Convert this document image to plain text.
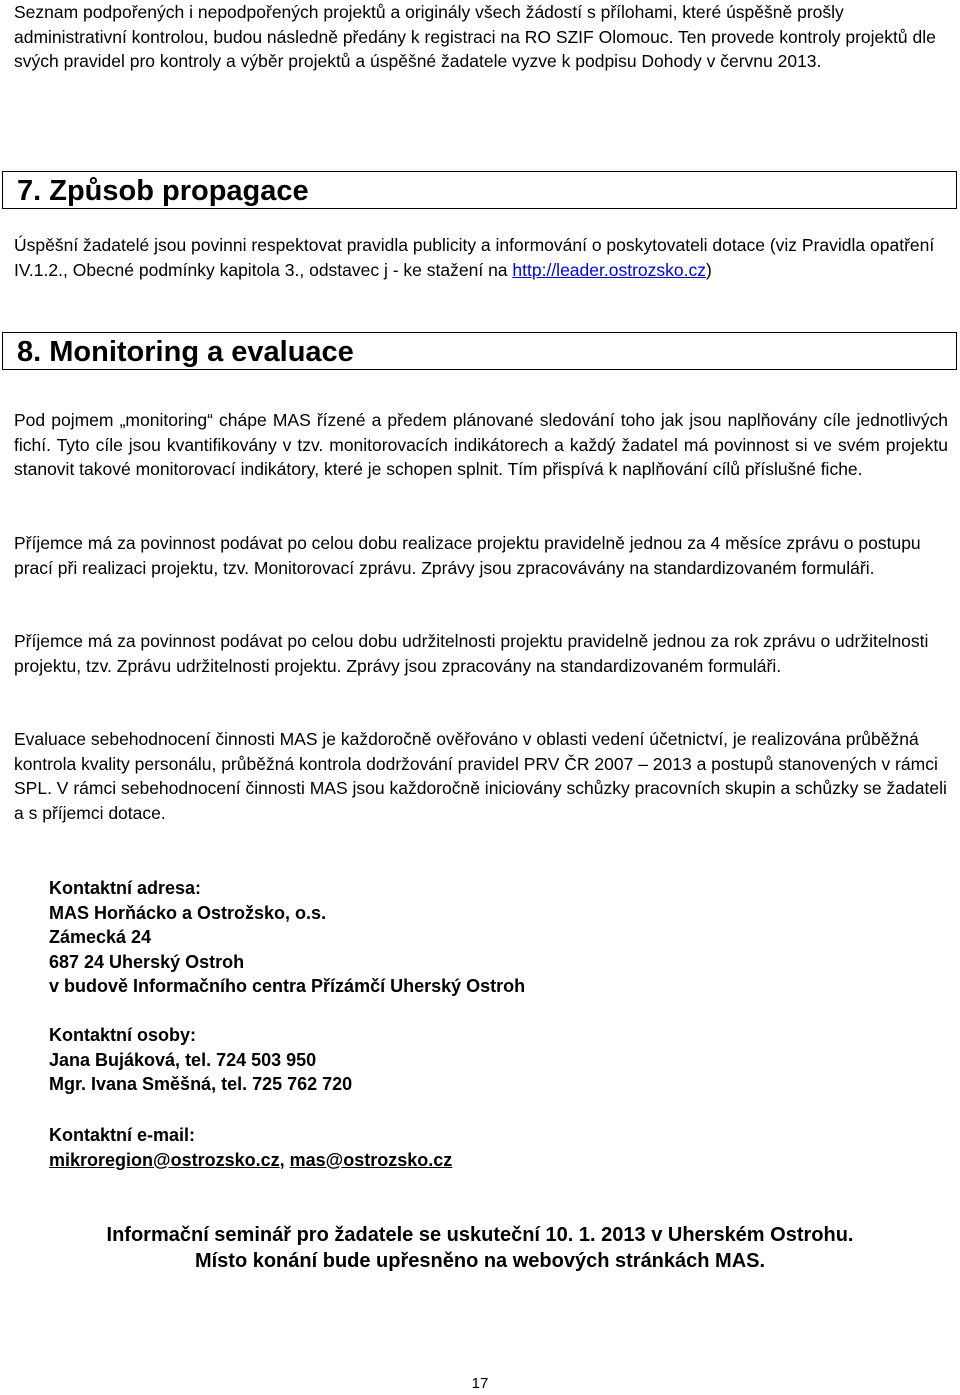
Seznam podpořených i nepodpořených projektů a originály všech žádostí s přílohami, které úspěšně prošly administrativní kontrolou, budou následně předány k registraci na RO SZIF Olomouc. Ten provede kontroly projektů dle svých pravidel pro kontroly a výběr projektů a úspěšné žadatele vyzve k podpisu Dohody v červnu 2013.

7. Způsob propagace

Úspěšní žadatelé jsou povinni respektovat pravidla publicity a informování o poskytovateli dotace (viz Pravidla opatření IV.1.2., Obecné podmínky kapitola 3., odstavec j - ke stažení na http://leader.ostrozsko.cz)

8. Monitoring a evaluace

Pod pojmem „monitoring“ chápe MAS řízené a předem plánované sledování toho jak jsou naplňovány cíle jednotlivých fichí. Tyto cíle jsou kvantifikovány v tzv. monitorovacích indikátorech a každý žadatel má povinnost si ve svém projektu stanovit takové monitorovací indikátory, které je schopen splnit. Tím přispívá k naplňování cílů příslušné fiche.

Příjemce má za povinnost podávat po celou dobu realizace projektu pravidelně jednou za 4 měsíce zprávu o postupu prací při realizaci projektu, tzv. Monitorovací zprávu. Zprávy jsou zpracovávány na standardizovaném formuláři.

Příjemce má za povinnost podávat po celou dobu udržitelnosti projektu pravidelně jednou za rok zprávu o udržitelnosti projektu, tzv. Zprávu udržitelnosti projektu. Zprávy jsou zpracovány na standardizovaném formuláři.

Evaluace sebehodnocení činnosti MAS je každoročně ověřováno v oblasti vedení účetnictví, je realizována průběžná kontrola kvality personálu, průběžná kontrola dodržování pravidel PRV ČR 2007 – 2013 a postupů stanovených v rámci SPL. V rámci sebehodnocení činnosti MAS jsou každoročně iniciovány schůzky pracovních skupin a schůzky se žadateli a s příjemci dotace.

Kontaktní adresa:
MAS Horňácko a Ostrožsko, o.s.
Zámecká 24
687 24 Uherský Ostroh
v budově Informačního centra Přízámčí Uherský Ostroh
Kontaktní osoby:
Jana Bujáková, tel. 724 503 950
Mgr. Ivana Směšná, tel. 725 762 720
Kontaktní e-mail:
mikroregion@ostrozsko.cz, mas@ostrozsko.cz
Informační seminář pro žadatele se uskuteční 10. 1. 2013 v Uherském Ostrohu.
Místo konání bude upřesněno na webových stránkách MAS.
17
